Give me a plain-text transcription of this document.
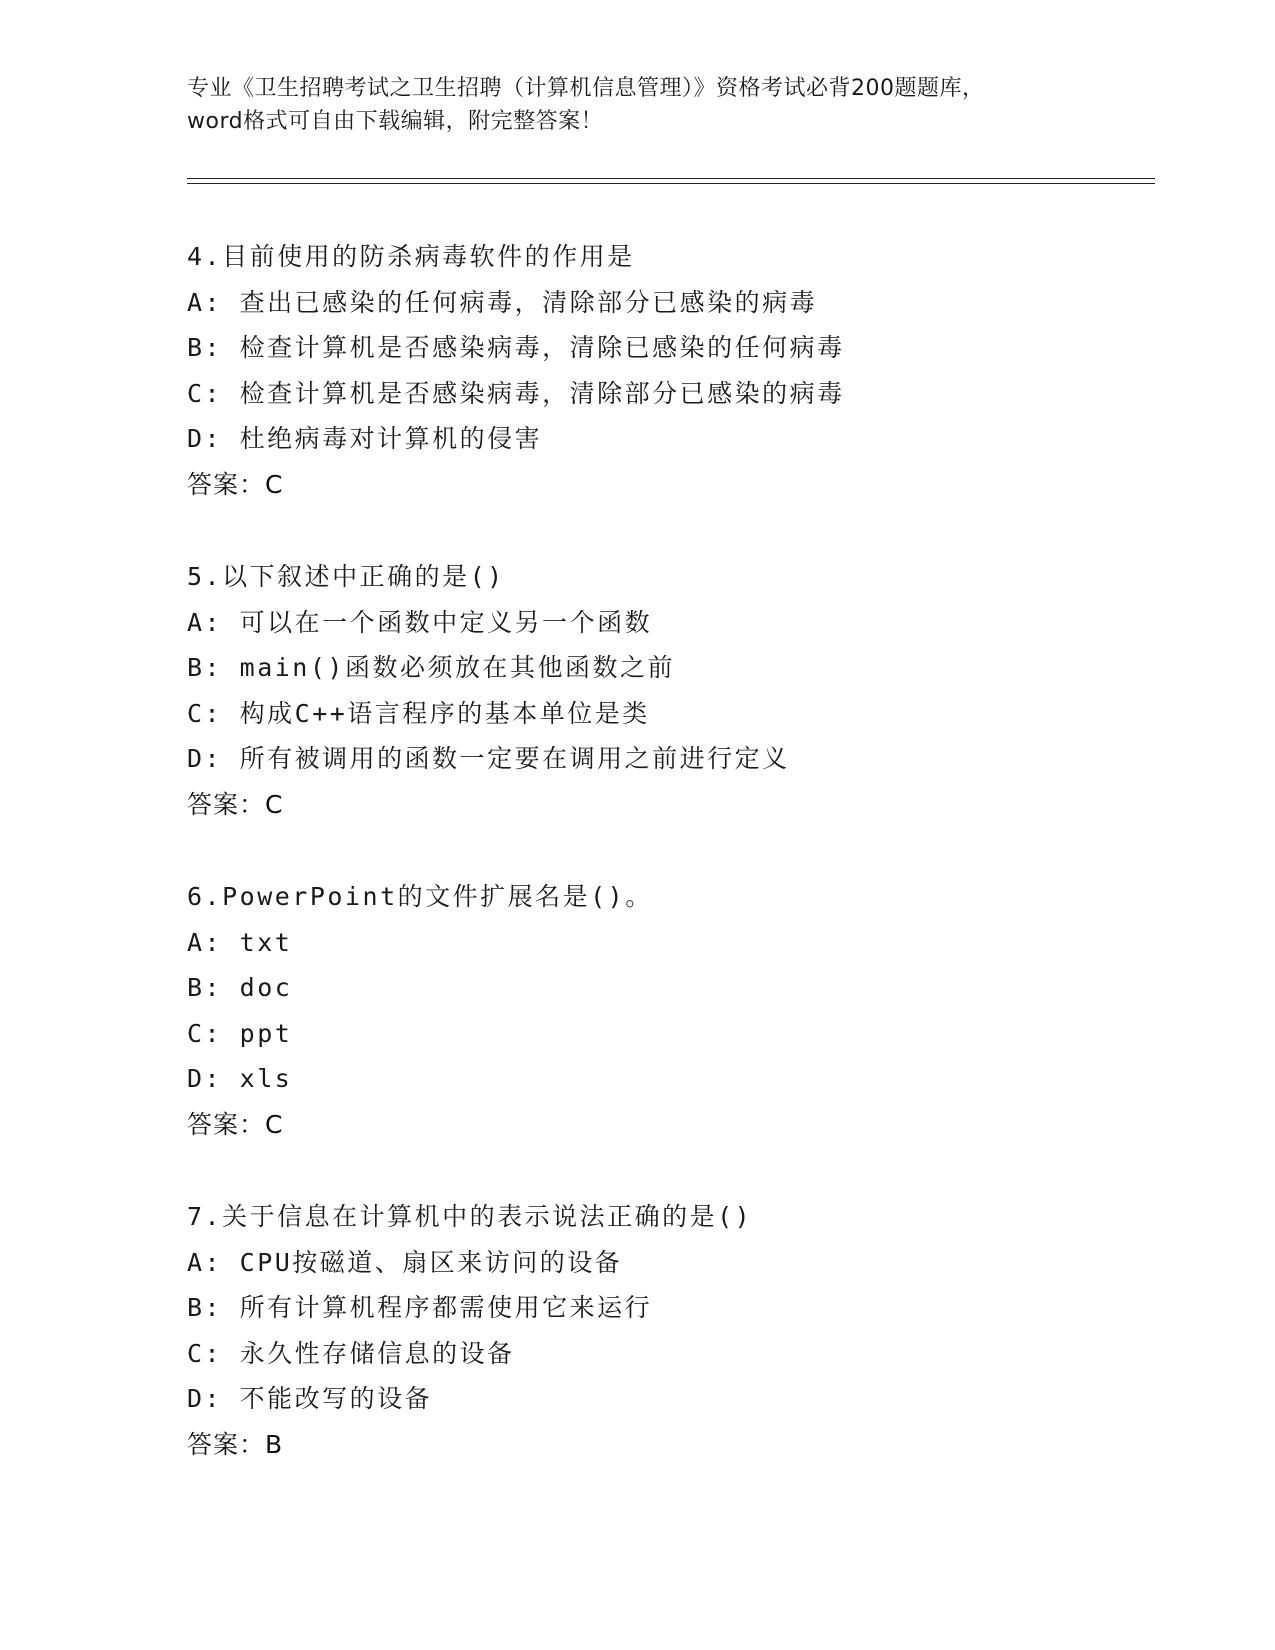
专业《卫生招聘考试之卫生招聘（计算机信息管理）》资格考试必背200题题库，
word格式可自由下载编辑，附完整答案！
4.目前使用的防杀病毒软件的作用是
A: 查出已感染的任何病毒，清除部分已感染的病毒
B: 检查计算机是否感染病毒，清除已感染的任何病毒
C: 检查计算机是否感染病毒，清除部分已感染的病毒
D: 杜绝病毒对计算机的侵害
答案：C
5.以下叙述中正确的是()
A: 可以在一个函数中定义另一个函数
B: main()函数必须放在其他函数之前
C: 构成C++语言程序的基本单位是类
D: 所有被调用的函数一定要在调用之前进行定义
答案：C
6.PowerPoint的文件扩展名是()。
A: txt
B: doc
C: ppt
D: xls
答案：C
7.关于信息在计算机中的表示说法正确的是()
A: CPU按磁道、扇区来访问的设备
B: 所有计算机程序都需使用它来运行
C: 永久性存储信息的设备
D: 不能改写的设备
答案：B
